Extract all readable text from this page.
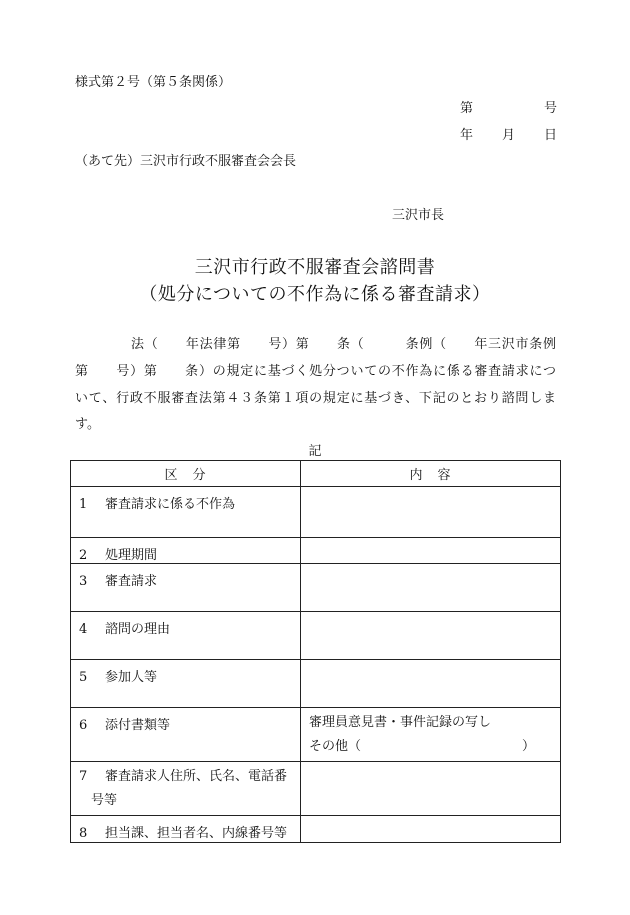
様式第２号（第５条関係）
第	号
年 月 日
（あて先）三沢市行政不服審査会会長
三沢市長
三沢市行政不服審査会諮問書
（処分についての不作為に係る審査請求）
法（　　年法律第　　号）第　　条（　　　条例（　　年三沢市条例
第　　号）第　　条）の規定に基づく処分ついての不作為に係る審査請求につ
いて、行政不服審査法第４３条第１項の規定に基づき、下記のとおり諮問しま
す。
記
区　分	内　容

1 審査請求に係る不作為	

2 処理期間	

3 審査請求	

4 諮問の理由	

5 参加人等	

6 添付書類等	審理員意見書・事件記録の写し
その他（ ）

7 審査請求人住所、氏名、電話番
号等	

8 担当課、担当者名、内線番号等	
